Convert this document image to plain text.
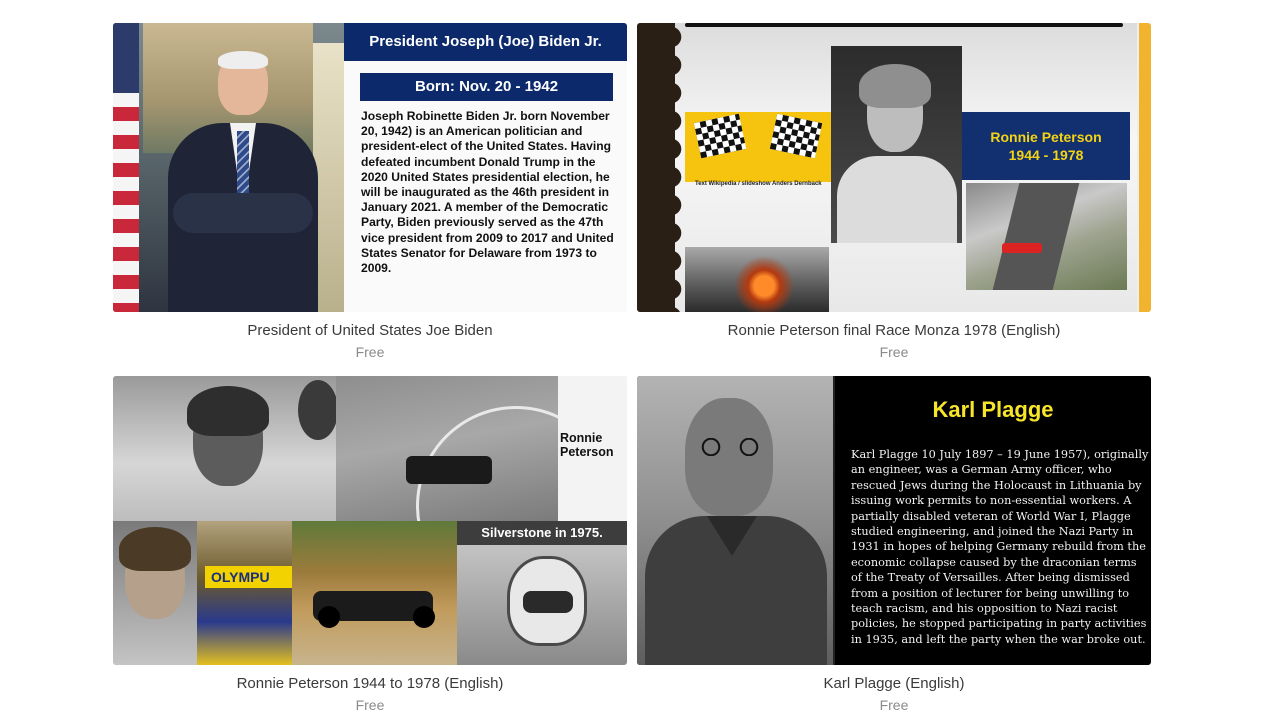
President Joseph (Joe) Biden Jr.
Born: Nov. 20 - 1942
Joseph Robinette Biden Jr. born November 20, 1942) is an American politician and president-elect of the United States. Having defeated incumbent Donald Trump in the 2020 United States presidential election, he will be inaugurated as the 46th president in January 2021. A member of the Democratic Party, Biden previously served as the 47th vice president from 2009 to 2017 and United States Senator for Delaware from 1973 to 2009.
President of United States Joe Biden
Free
Text Wikipedia / slideshow Anders Dernback
Ronnie Peterson
1944 - 1978
Ronnie Peterson final Race Monza 1978 (English)
Free
Ronnie
Peterson
OLYMPU
Silverstone in 1975.
Ronnie Peterson 1944 to 1978 (English)
Free
Karl Plagge
Karl Plagge 10 July 1897 – 19 June 1957), originally an engineer, was a German Army officer, who rescued Jews during the Holocaust in Lithuania by issuing work permits to non-essential workers. A partially disabled veteran of World War I, Plagge studied engineering, and joined the Nazi Party in 1931 in hopes of helping Germany rebuild from the economic collapse caused by the draconian terms of the Treaty of Versailles. After being dismissed from a position of lecturer for being unwilling to teach racism, and his opposition to Nazi racist policies, he stopped participating in party activities in 1935, and left the party when the war broke out.
Karl Plagge (English)
Free
